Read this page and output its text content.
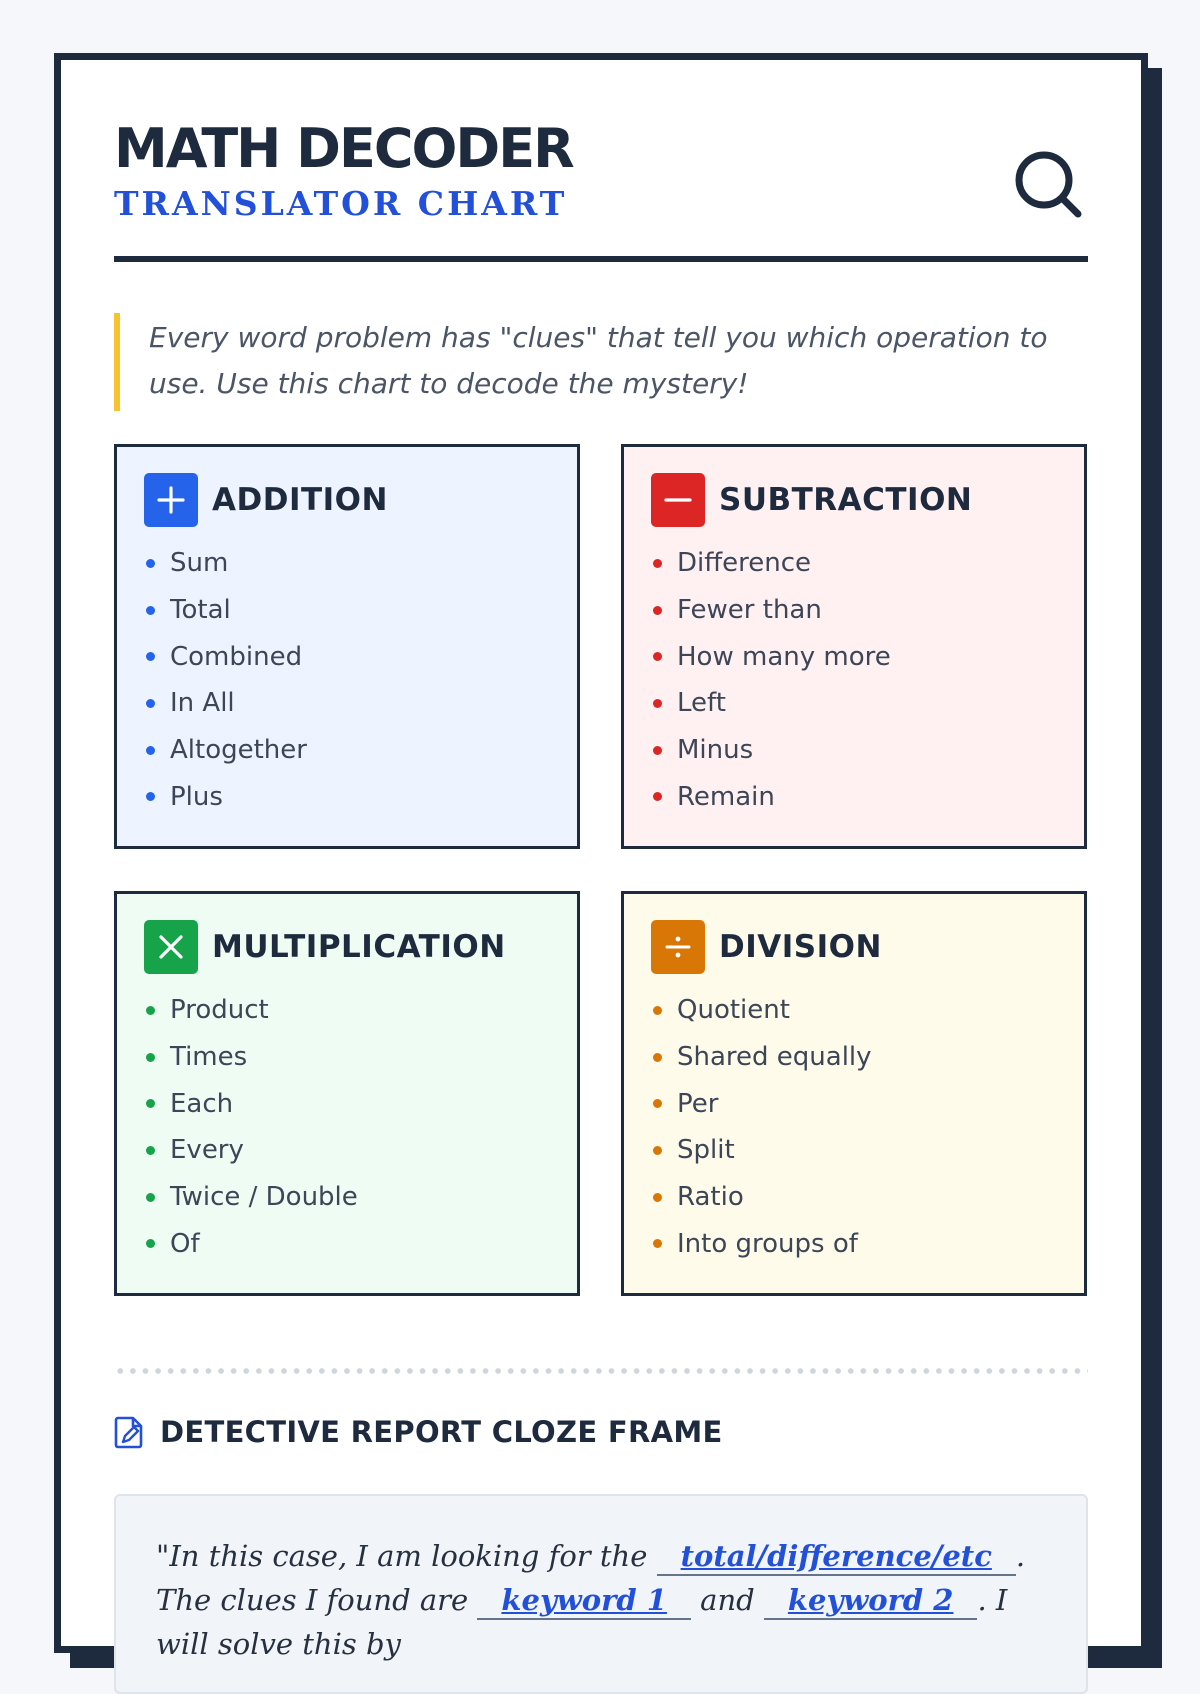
MATH DECODER
TRANSLATOR CHART
Every word problem has "clues" that tell you which operation to use. Use this chart to decode the mystery!
ADDITION
Sum
Total
Combined
In All
Altogether
Plus
SUBTRACTION
Difference
Fewer than
How many more
Left
Minus
Remain
MULTIPLICATION
Product
Times
Each
Every
Twice / Double
Of
DIVISION
Quotient
Shared equally
Per
Split
Ratio
Into groups of
DETECTIVE REPORT CLOZE FRAME
"In this case, I am looking for the total/difference/etc . The clues I found are keyword 1 and keyword 2 . I will solve this by
